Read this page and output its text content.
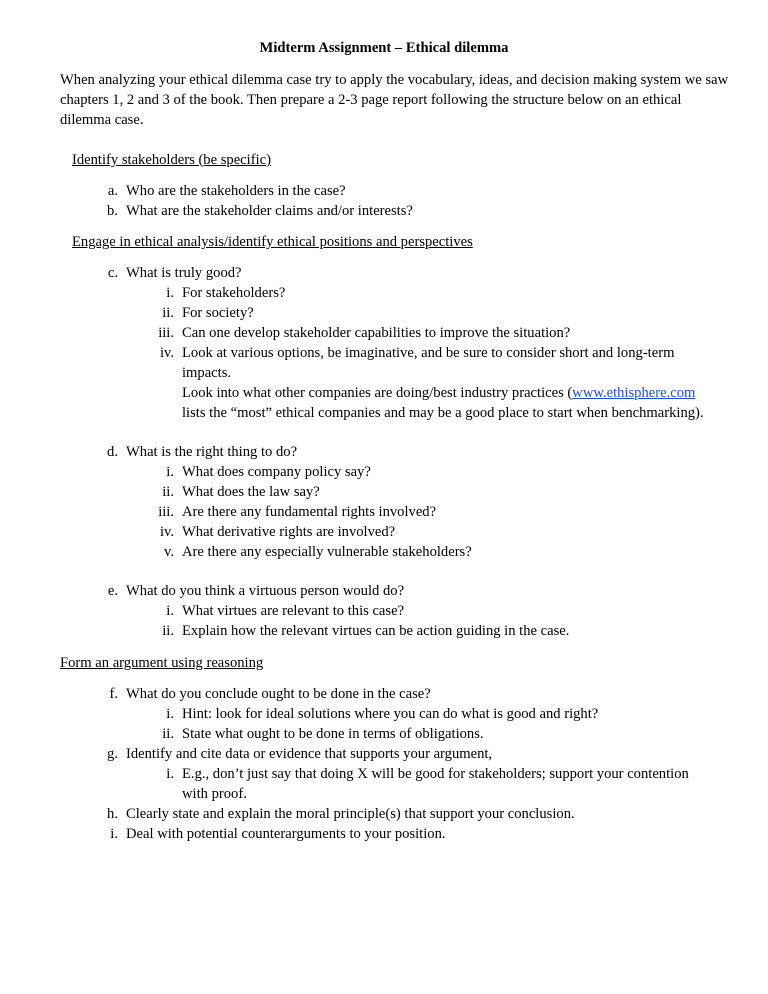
Midterm Assignment – Ethical dilemma
When analyzing your ethical dilemma case try to apply the vocabulary, ideas, and decision making system we saw chapters 1, 2 and 3 of the book. Then prepare a 2-3 page report following the structure below on an ethical dilemma case.
Identify stakeholders (be specific)
a. Who are the stakeholders in the case?
b. What are the stakeholder claims and/or interests?
Engage in ethical analysis/identify ethical positions and perspectives
c. What is truly good?
i. For stakeholders?
ii. For society?
iii. Can one develop stakeholder capabilities to improve the situation?
iv. Look at various options, be imaginative, and be sure to consider short and long-term
impacts.
Look into what other companies are doing/best industry practices (www.ethisphere.com
lists the “most” ethical companies and may be a good place to start when benchmarking).
d. What is the right thing to do?
i. What does company policy say?
ii. What does the law say?
iii. Are there any fundamental rights involved?
iv. What derivative rights are involved?
v. Are there any especially vulnerable stakeholders?
e. What do you think a virtuous person would do?
i. What virtues are relevant to this case?
ii. Explain how the relevant virtues can be action guiding in the case.
Form an argument using reasoning
f. What do you conclude ought to be done in the case?
i. Hint: look for ideal solutions where you can do what is good and right?
ii. State what ought to be done in terms of obligations.
g. Identify and cite data or evidence that supports your argument,
i. E.g., don’t just say that doing X will be good for stakeholders; support your contention
with proof.
h. Clearly state and explain the moral principle(s) that support your conclusion.
i. Deal with potential counterarguments to your position.
